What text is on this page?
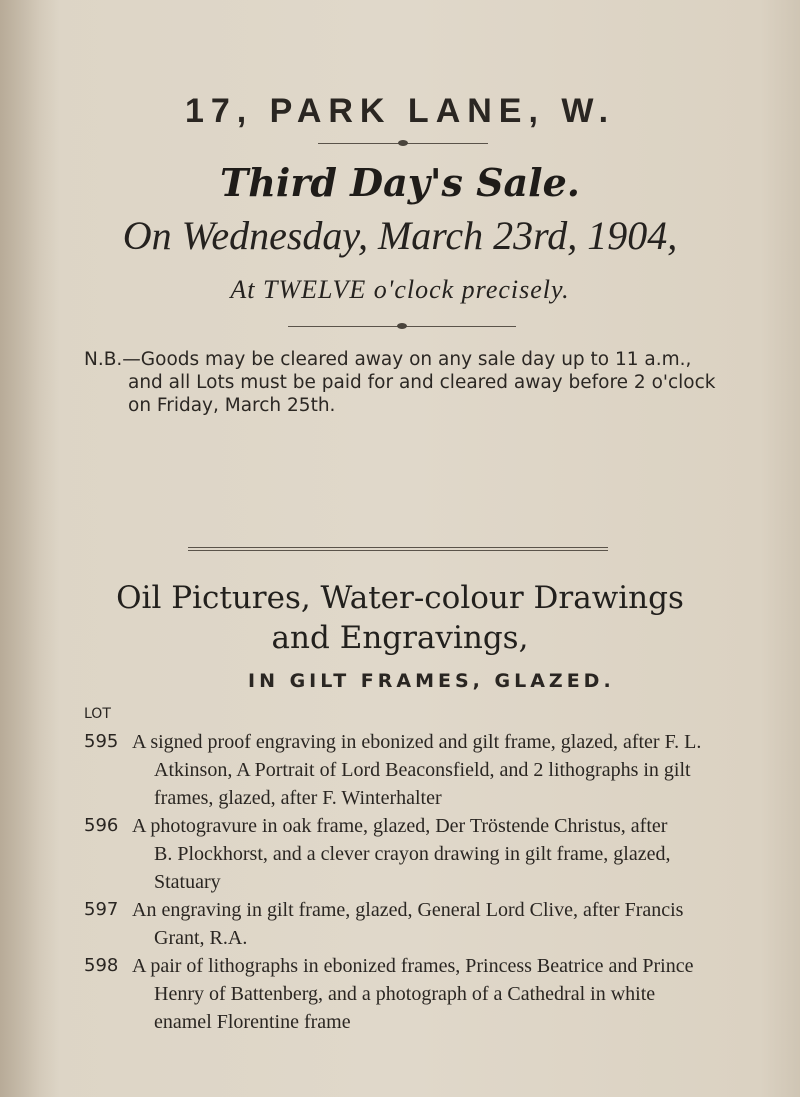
17, PARK LANE, W.
Third Day's Sale.
On Wednesday, March 23rd, 1904,
At TWELVE o'clock precisely.
N.B.—Goods may be cleared away on any sale day up to 11 a.m.,
and all Lots must be paid for and cleared away before 2 o'clock
on Friday, March 25th.
Oil Pictures, Water-colour Drawings
and Engravings,
IN GILT FRAMES, GLAZED.
LOT
595 A signed proof engraving in ebonized and gilt frame, glazed, after F. L.
Atkinson, A Portrait of Lord Beaconsfield, and 2 lithographs in gilt
frames, glazed, after F. Winterhalter
596 A photogravure in oak frame, glazed, Der Tröstende Christus, after
B. Plockhorst, and a clever crayon drawing in gilt frame, glazed,
Statuary
597 An engraving in gilt frame, glazed, General Lord Clive, after Francis
Grant, R.A.
598 A pair of lithographs in ebonized frames, Princess Beatrice and Prince
Henry of Battenberg, and a photograph of a Cathedral in white
enamel Florentine frame
